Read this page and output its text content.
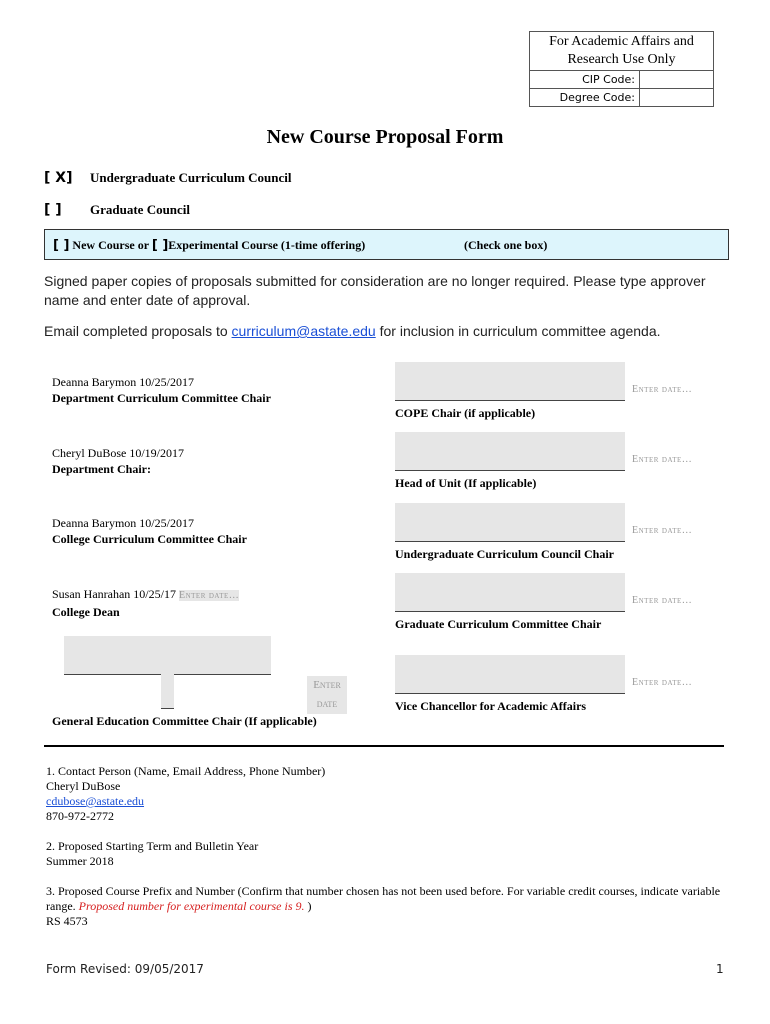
For Academic Affairs and Research Use Only
CIP Code:
Degree Code:
New Course Proposal Form
[ X] Undergraduate Curriculum Council
[ ] Graduate Council
[ ] New Course or [ ]Experimental Course (1-time offering)	(Check one box)
Signed paper copies of proposals submitted for consideration are no longer required. Please type approver name and enter date of approval.
Email completed proposals to curriculum@astate.edu for inclusion in curriculum committee agenda.
Deanna Barymon 10/25/2017
Department Curriculum Committee Chair
Cheryl DuBose 10/19/2017
Department Chair:
Deanna Barymon 10/25/2017
College Curriculum Committee Chair
Susan Hanrahan 10/25/17 Enter date…
College Dean
Enter
date
General Education Committee Chair (If applicable)
COPE Chair (if applicable)
Enter date…
Head of Unit (If applicable)
Enter date…
Undergraduate Curriculum Council Chair
Enter date…
Graduate Curriculum Committee Chair
Enter date…
Vice Chancellor for Academic Affairs
Enter date…
1. Contact Person (Name, Email Address, Phone Number)
Cheryl DuBose
cdubose@astate.edu
870-972-2772
2. Proposed Starting Term and Bulletin Year
Summer 2018
3. Proposed Course Prefix and Number (Confirm that number chosen has not been used before. For variable credit courses, indicate variable range. Proposed number for experimental course is 9. )
RS 4573
Form Revised: 09/05/2017	1
